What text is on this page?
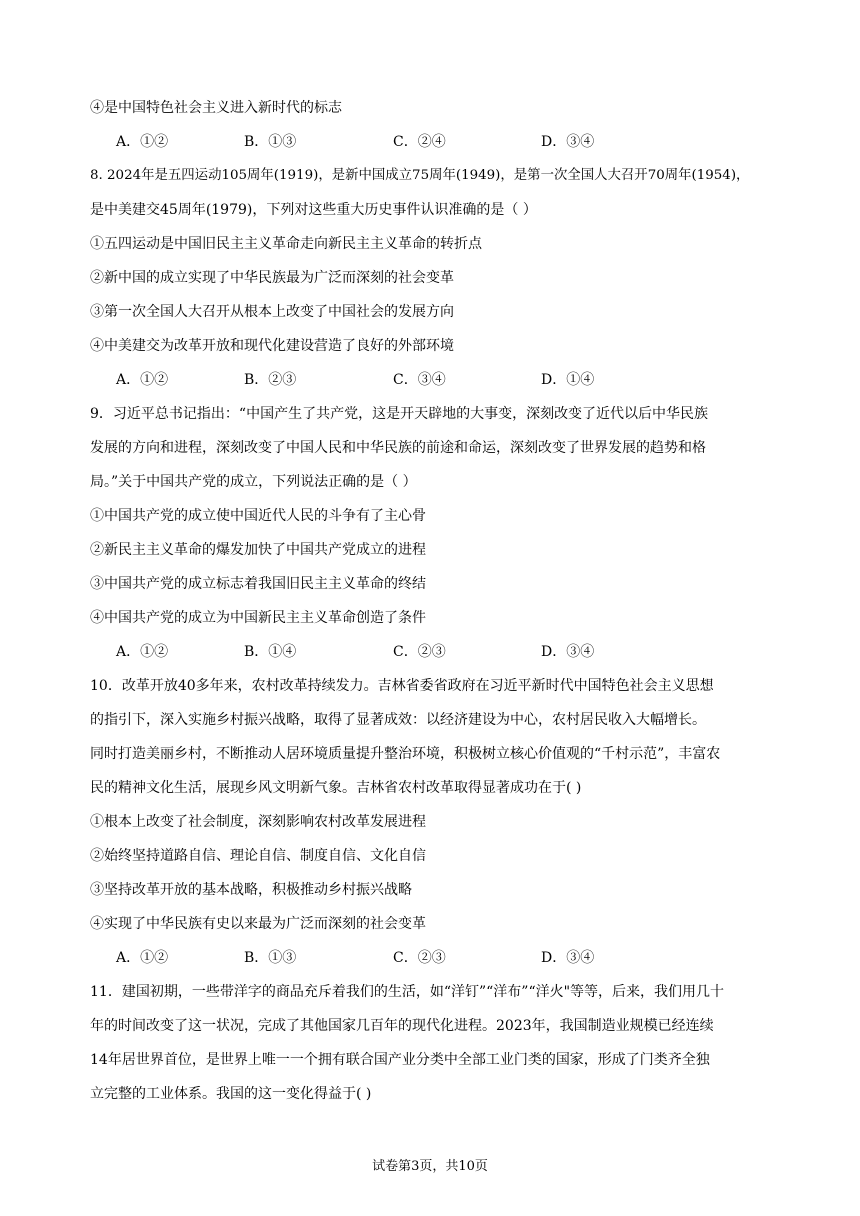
④是中国特色社会主义进入新时代的标志
A．①②	B．①③	C．②④	D．③④
8. 2024年是五四运动105周年(1919)，是新中国成立75周年(1949)，是第一次全国人大召开70周年(1954)，
是中美建交45周年(1979)，下列对这些重大历史事件认识准确的是（ ）
①五四运动是中国旧民主主义革命走向新民主主义革命的转折点
②新中国的成立实现了中华民族最为广泛而深刻的社会变革
③第一次全国人大召开从根本上改变了中国社会的发展方向
④中美建交为改革开放和现代化建设营造了良好的外部环境
A．①②	B．②③	C．③④	D．①④
9．习近平总书记指出：“中国产生了共产党，这是开天辟地的大事变，深刻改变了近代以后中华民族
发展的方向和进程，深刻改变了中国人民和中华民族的前途和命运，深刻改变了世界发展的趋势和格
局。”关于中国共产党的成立，下列说法正确的是（ ）
①中国共产党的成立使中国近代人民的斗争有了主心骨
②新民主主义革命的爆发加快了中国共产党成立的进程
③中国共产党的成立标志着我国旧民主主义革命的终结
④中国共产党的成立为中国新民主主义革命创造了条件
A．①②	B．①④	C．②③	D．③④
10．改革开放40多年来，农村改革持续发力。吉林省委省政府在习近平新时代中国特色社会主义思想
的指引下，深入实施乡村振兴战略，取得了显著成效：以经济建设为中心，农村居民收入大幅增长。
同时打造美丽乡村，不断推动人居环境质量提升整治环境，积极树立核心价值观的“千村示范”，丰富农
民的精神文化生活，展现乡风文明新气象。吉林省农村改革取得显著成功在于( )
①根本上改变了社会制度，深刻影响农村改革发展进程
②始终坚持道路自信、理论自信、制度自信、文化自信
③坚持改革开放的基本战略，积极推动乡村振兴战略
④实现了中华民族有史以来最为广泛而深刻的社会变革
A．①②	B．①③	C．②③	D．③④
11．建国初期，一些带洋字的商品充斥着我们的生活，如“洋钉”“洋布”“洋火"等等，后来，我们用几十
年的时间改变了这一状况，完成了其他国家几百年的现代化进程。2023年，我国制造业规模已经连续
14年居世界首位，是世界上唯一一个拥有联合国产业分类中全部工业门类的国家，形成了门类齐全独
立完整的工业体系。我国的这一变化得益于( )
试卷第3页，共10页
